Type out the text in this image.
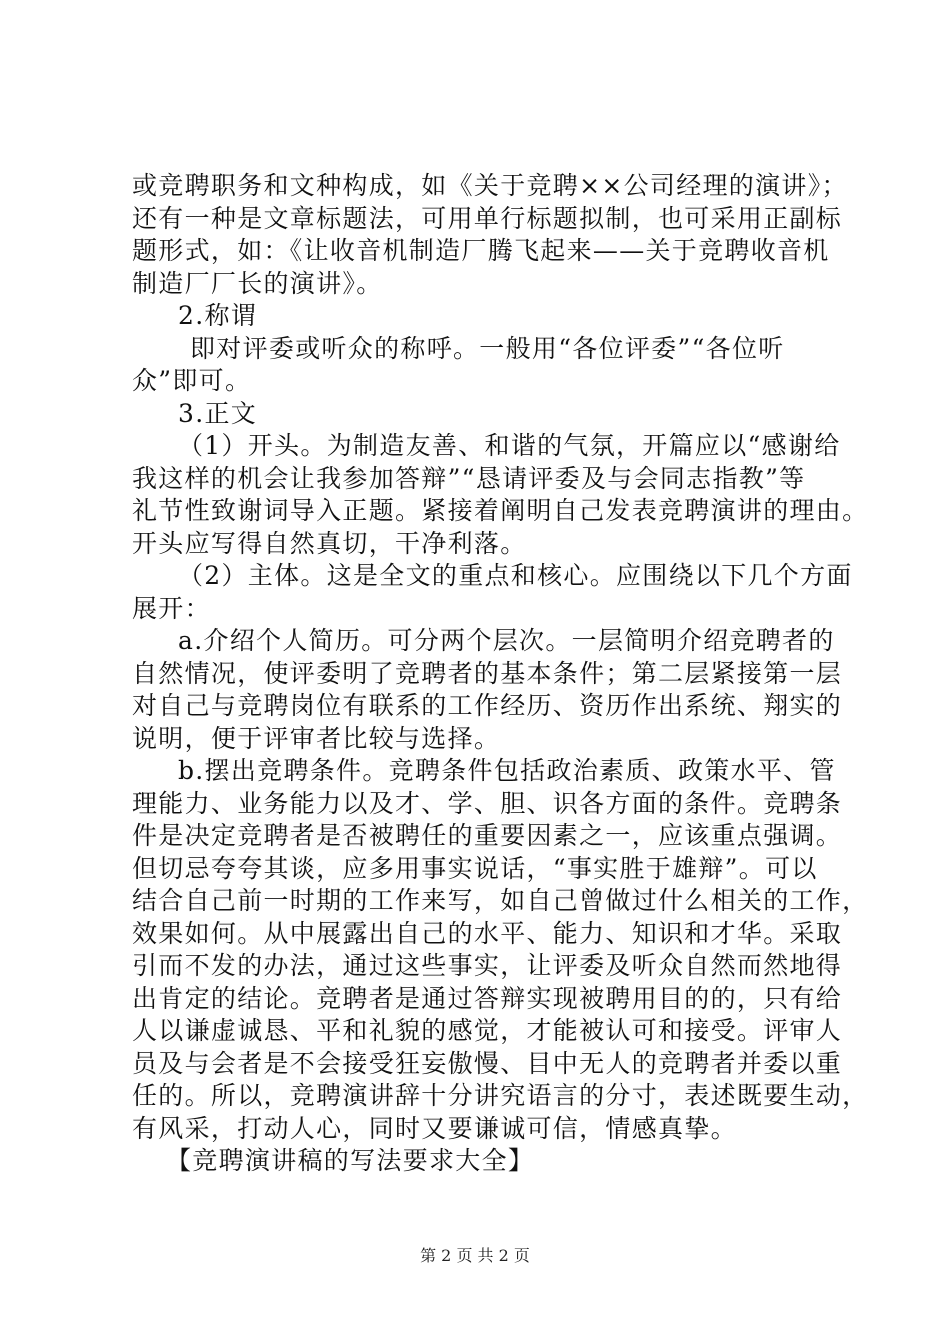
或竞聘职务和文种构成，如《关于竞聘××公司经理的演讲》；
还有一种是文章标题法，可用单行标题拟制，也可采用正副标
题形式，如：《让收音机制造厂腾飞起来——关于竞聘收音机
制造厂厂长的演讲》。
2.称谓
即对评委或听众的称呼。一般用“各位评委”“各位听
众”即可。
3.正文
（1）开头。为制造友善、和谐的气氛，开篇应以“感谢给
我这样的机会让我参加答辩”“恳请评委及与会同志指教”等
礼节性致谢词导入正题。紧接着阐明自己发表竞聘演讲的理由。
开头应写得自然真切，干净利落。
（2）主体。这是全文的重点和核心。应围绕以下几个方面
展开：
a.介绍个人简历。可分两个层次。一层简明介绍竞聘者的
自然情况，使评委明了竞聘者的基本条件；第二层紧接第一层
对自己与竞聘岗位有联系的工作经历、资历作出系统、翔实的
说明，便于评审者比较与选择。
b.摆出竞聘条件。竞聘条件包括政治素质、政策水平、管
理能力、业务能力以及才、学、胆、识各方面的条件。竞聘条
件是决定竞聘者是否被聘任的重要因素之一，应该重点强调。
但切忌夸夸其谈，应多用事实说话，“事实胜于雄辩”。可以
结合自己前一时期的工作来写，如自己曾做过什么相关的工作，
效果如何。从中展露出自己的水平、能力、知识和才华。采取
引而不发的办法，通过这些事实，让评委及听众自然而然地得
出肯定的结论。竞聘者是通过答辩实现被聘用目的的，只有给
人以谦虚诚恳、平和礼貌的感觉，才能被认可和接受。评审人
员及与会者是不会接受狂妄傲慢、目中无人的竞聘者并委以重
任的。所以，竞聘演讲辞十分讲究语言的分寸，表述既要生动，
有风采，打动人心，同时又要谦诚可信，情感真挚。
【竞聘演讲稿的写法要求大全】
第 2 页 共 2 页
